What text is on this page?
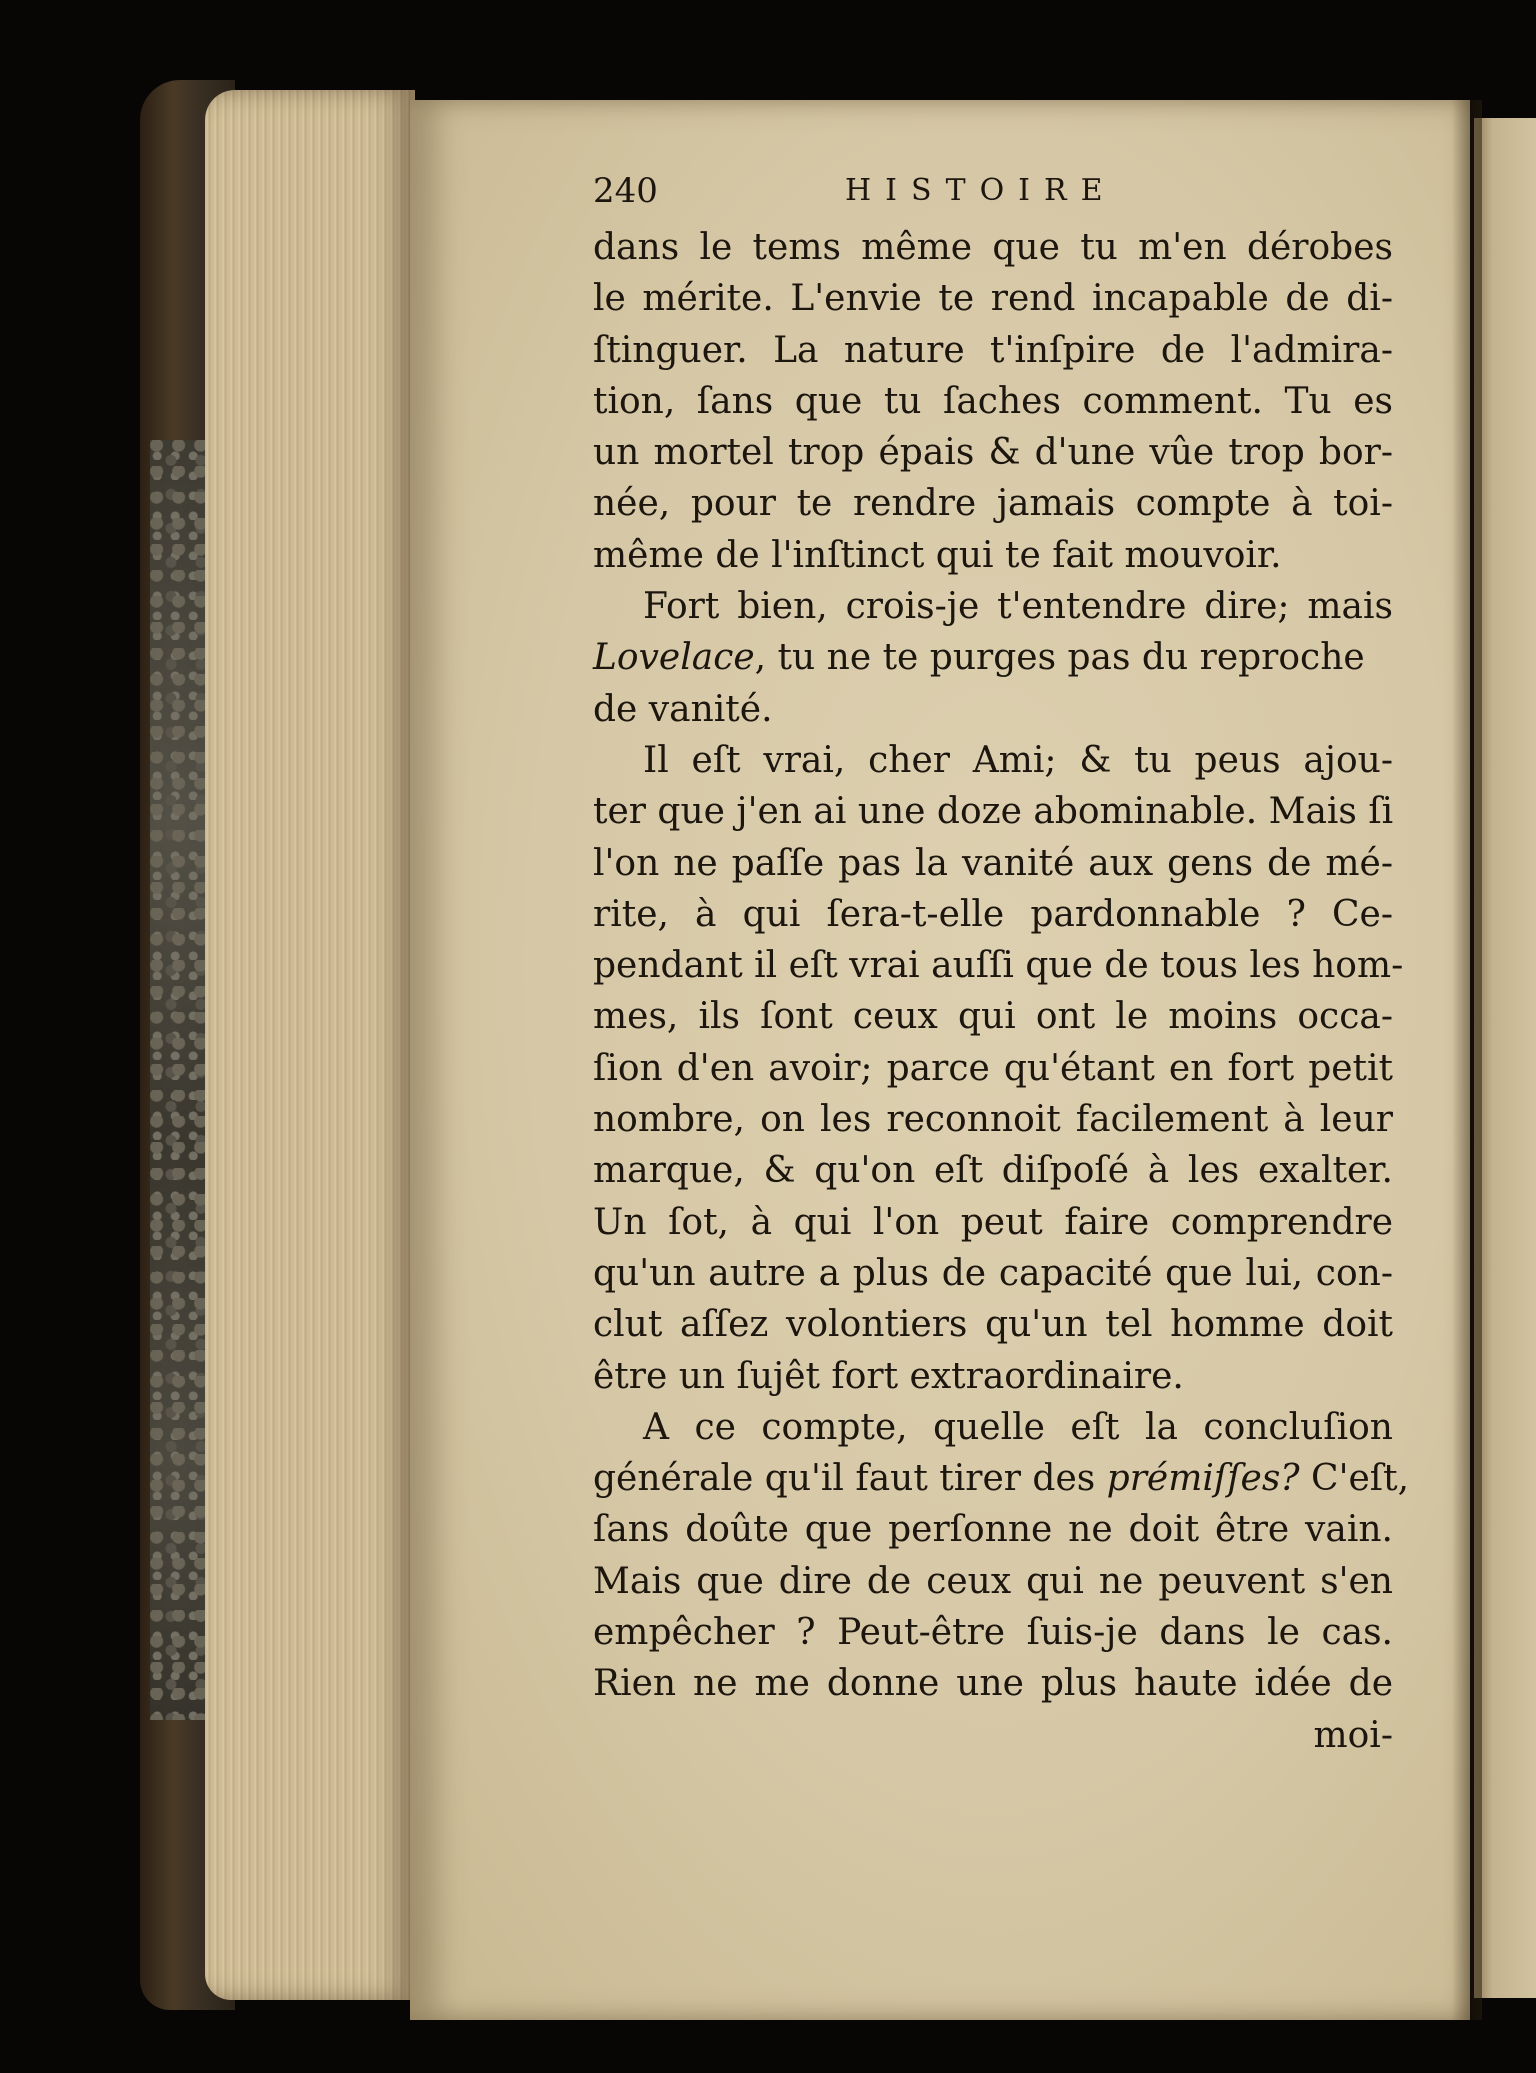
240	HISTOIRE
dans le tems même que tu m'en dérobes
le mérite. L'envie te rend incapable de di-
ſtinguer. La nature t'inſpire de l'admira-
tion, ſans que tu ſaches comment. Tu es
un mortel trop épais & d'une vûe trop bor-
née, pour te rendre jamais compte à toi-
même de l'inſtinct qui te fait mouvoir.
Fort bien, crois-je t'entendre dire; mais
Lovelace, tu ne te purges pas du reproche
de vanité.
Il eſt vrai, cher Ami; & tu peus ajou-
ter que j'en ai une doze abominable. Mais ſi
l'on ne paſſe pas la vanité aux gens de mé-
rite, à qui ſera-t-elle pardonnable ? Ce-
pendant il eſt vrai auſſi que de tous les hom-
mes, ils ſont ceux qui ont le moins occa-
ſion d'en avoir; parce qu'étant en fort petit
nombre, on les reconnoit facilement à leur
marque, & qu'on eſt diſpoſé à les exalter.
Un ſot, à qui l'on peut faire comprendre
qu'un autre a plus de capacité que lui, con-
clut aſſez volontiers qu'un tel homme doit
être un ſujêt fort extraordinaire.
A ce compte, quelle eſt la concluſion
générale qu'il faut tirer des prémiſſes? C'eſt,
ſans doûte que perſonne ne doit être vain.
Mais que dire de ceux qui ne peuvent s'en
empêcher ? Peut-être ſuis-je dans le cas.
Rien ne me donne une plus haute idée de
moi-
